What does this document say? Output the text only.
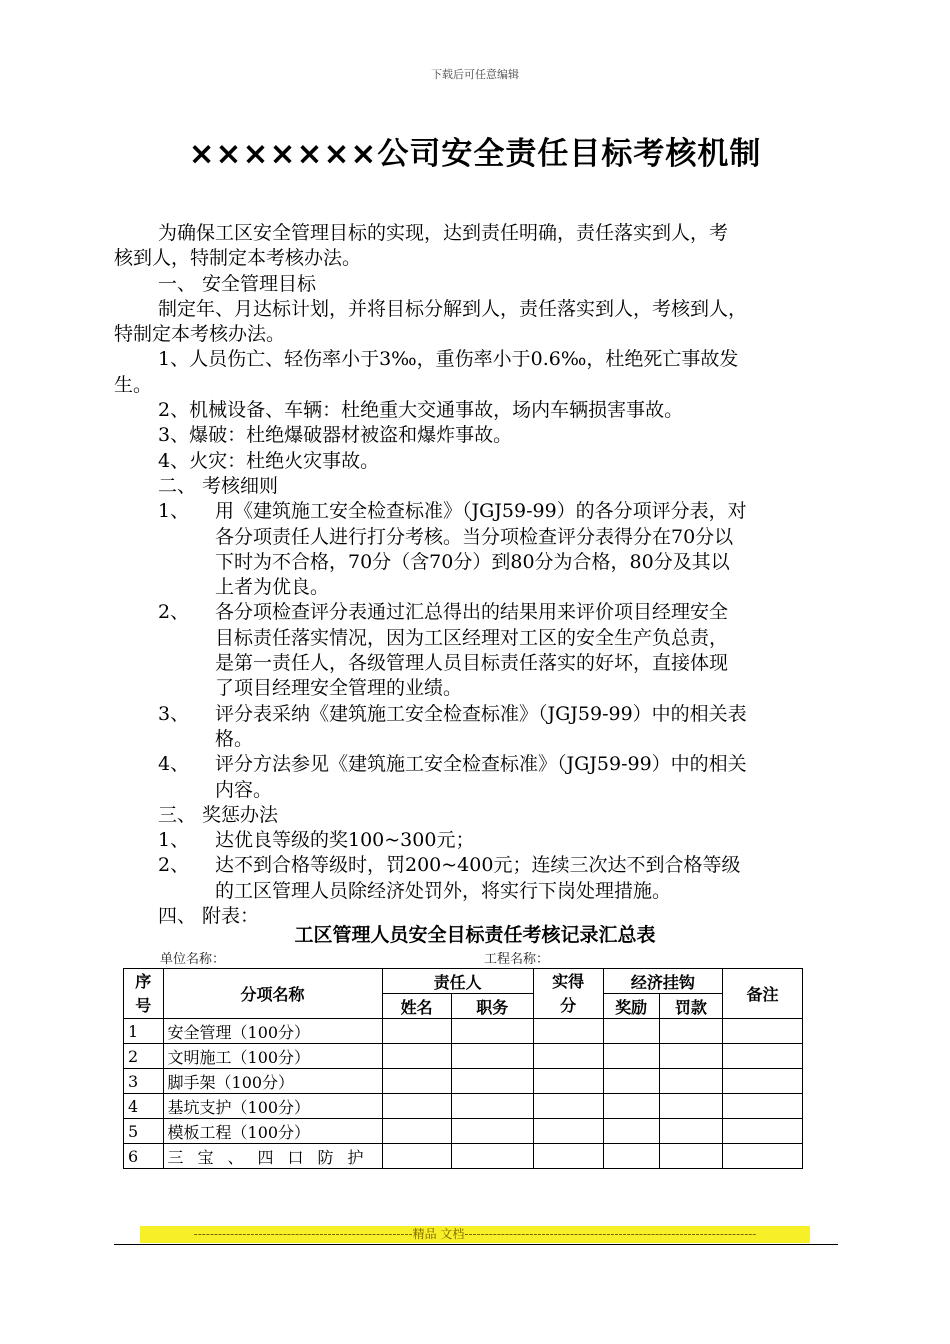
下载后可任意编辑
×××××××公司安全责任目标考核机制
为确保工区安全管理目标的实现，达到责任明确，责任落实到人，考
核到人，特制定本考核办法。
一、 安全管理目标
制定年、月达标计划，并将目标分解到人，责任落实到人，考核到人，
特制定本考核办法。
1、人员伤亡、轻伤率小于3‰，重伤率小于0.6‰，杜绝死亡事故发
生。
2、机械设备、车辆：杜绝重大交通事故，场内车辆损害事故。
3、爆破：杜绝爆破器材被盗和爆炸事故。
4、火灾：杜绝火灾事故。
二、 考核细则
1、	用《建筑施工安全检查标准》（JGJ59-99）的各分项评分表，对
各分项责任人进行打分考核。当分项检查评分表得分在70分以
下时为不合格，70分（含70分）到80分为合格，80分及其以
上者为优良。
2、	各分项检查评分表通过汇总得出的结果用来评价项目经理安全
目标责任落实情况，因为工区经理对工区的安全生产负总责，
是第一责任人，各级管理人员目标责任落实的好坏，直接体现
了项目经理安全管理的业绩。
3、	评分表采纳《建筑施工安全检查标准》（JGJ59-99）中的相关表
格。
4、	评分方法参见《建筑施工安全检查标准》（JGJ59-99）中的相关
内容。
三、 奖惩办法
1、	达优良等级的奖100~300元；
2、	达不到合格等级时，罚200~400元；连续三次达不到合格等级
的工区管理人员除经济处罚外，将实行下岗处理措施。
四、 附表：
工区管理人员安全目标责任考核记录汇总表
单位名称：	工程名称：
序号	分项名称	责任人		实得分	经济挂钩		备注
		姓名	职务		奖励	罚款	
1	安全管理（100分）						
2	文明施工（100分）						
3	脚手架（100分）						
4	基坑支护（100分）						
5	模板工程（100分）						
6	三宝、四口防护						
------------------------------------------------------精品 文档------------------------------------------------------------------------
